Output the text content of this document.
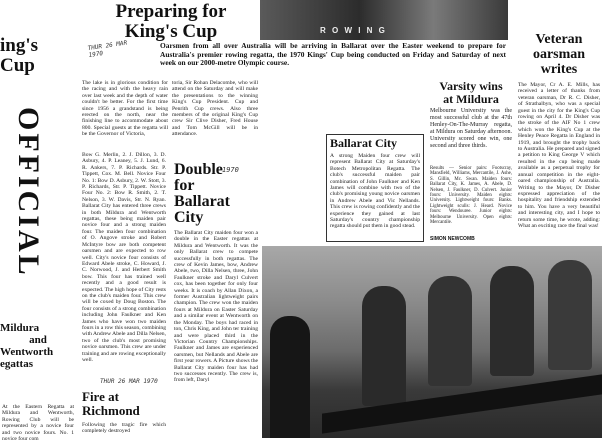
ing's
Cup
OFFICIAL
Mildura
and
Wentworth
egattas
At the Eastern Regatta at Mildura and Wentworth, Rowing Club will be represented by a novice four and two novice fours. No. 1 novice four com
Preparing for
King's Cup
THUR 26 MAR 1970
R O W I N G
Oarsmen from all over Australia will be arriving in Ballarat over the Easter weekend to prepare for Australia's premier rowing regatta, the 1970 Kings' Cup being conducted on Friday and Saturday of next week on our 2000-metre Olympic course.
The lake is in glorious condition for the racing and with the heavy rain over last week and the depth of water couldn't be better. For the first time since 1956 a grandstand is being erected on the north, near the finishing line to accommodate about 800. Special guests at the regatta will be the Governor of Victoria,
toria, Sir Rohan Delacombe, who will attend on the Saturday and will make the presentations to the winning King's Cup President. Cup and Penrith Cup crews. Also three members of the original King's Cup crew Sir Clive Disher, Fred House and Tom McGill will be in attendance.
Bow G. Merlin, 2. J. Dillon, 3. D. Asbury, 4. P. Leaney, 5. J. Lund, 6. R. Ankers, 7. P. Richards. Str. P. Tippett, Cox. M. Bell. Novice Four No. 1: Bow D. Asbury, 2. W. Stott, 3. P. Richards, Str. P. Tippett. Novice Four No. 2: Bow R. Smith, 2. T. Nelson, 3. W. Davis, Str. N. Ryan. Ballarat City has entered three crews in both Mildura and Wentworth regattas, these being maiden pair novice four and a strong maiden four. The maiden four combination of O. Angove stroke and Robert McIntyre bow are both competent oarsmen and are expected to row well. City's novice four consists of Edward Abele stroke, C. Howard, J. C. Norwood, J. and Herbert Smith bow. This four has trained well recently and a good result is expected. The high hope of City rests on the club's maiden four. This crew will be coxed by Doug Boston. The four consists of a strong combination including John Faulkner and Ken James who have won two maiden fours in a row this season, combining with Andrew Abele and Dilla Nelsen, two of the club's most promising novice oarsmen. This crew are under training and are rowing exceptionally well.
THUR 26 MAR 1970
Fire at
Richmond
Following the tragic fire which completely destroyed
Double
for
Ballarat
City
1970
The Ballarat City maiden four won a double in the Easter regattas at Mildura and Wentworth. It was the only Ballarat crew to compete successfully in both regattas. The crew of Kevin James, bow, Andrew Abele, two, Dilla Nelsen, three, John Faulkner stroke and Daryl Culvert cox, has been together for only four weeks. It is coach by Allan Dixon, a former Australian lightweight pairs champion. The crew won the maiden fours at Mildura on Easter Saturday and a similar event at Wentworth on the Monday. The boys had raced in ton, Chris King, and John ter training and were placed third in the Victorian Country Championships. Faulkner and James are experienced oarsmen, but Nellands and Abele are first year rowers. A Picture shows the Ballarat City maiden four has had two successes recently. The crew is, from left, Daryl
Ballarat City
A strong Maiden four crew will represent Ballarat City at Saturday's Botech Metropolitan Regatta. The club's successful maiden pair combination of John Faulkner and Ken James will combine with two of the club's promising young novice oarsmen in Andrew Abele and Vic Nellands. This crew is rowing confidently and the experience they gained at last Saturday's country championship regatta should put them in good stead.
Varsity wins
at Mildura
Melbourne University was the most successful club at the 47th Henley-On-The-Murray regatta, at Mildura on Saturday afternoon. University scored one win, one second and three thirds.
Results — Senior pairs: Footscray, Mansfield, Williams, Mercantile, J. Ashe, S. Gillin, Mc. Swan. Maiden fours: Ballarat City, K. James, A. Abele, D. Nelsen, J. Faulkner, D. Culvert. Junior fours: University. Maiden eights: University. Lightweight fours: Banks. Lightweight sculls: J. Heard. Novice fours: Wendouree. Junior eights: Melbourne University. Open eights: Mercantile.
SIMON NEWCOMB
Veteran
oarsman
writes
The Mayor, Cr A. E. Mills, has received a letter of thanks from veteran oarsman, Dr R. C. Disher, of Strathalbyn, who was a special guest in the city for the King's Cup rowing on April 4. Dr Disher was the stroke of the AIF No 1 crew which won the King's Cup at the Henley Peace Regatta in England in 1919, and brought the trophy back to Australia. He prepared and signed a petition to King George V which resulted in the cup being made available as a perpetual trophy for annual competition in the eight-oared championship of Australia. Writing to the Mayor, Dr Disher expressed appreciation of the hospitality and friendship extended to him. You have a very beautiful and interesting city, and I hope to return some time, he wrote, adding: What an exciting race the final was!
